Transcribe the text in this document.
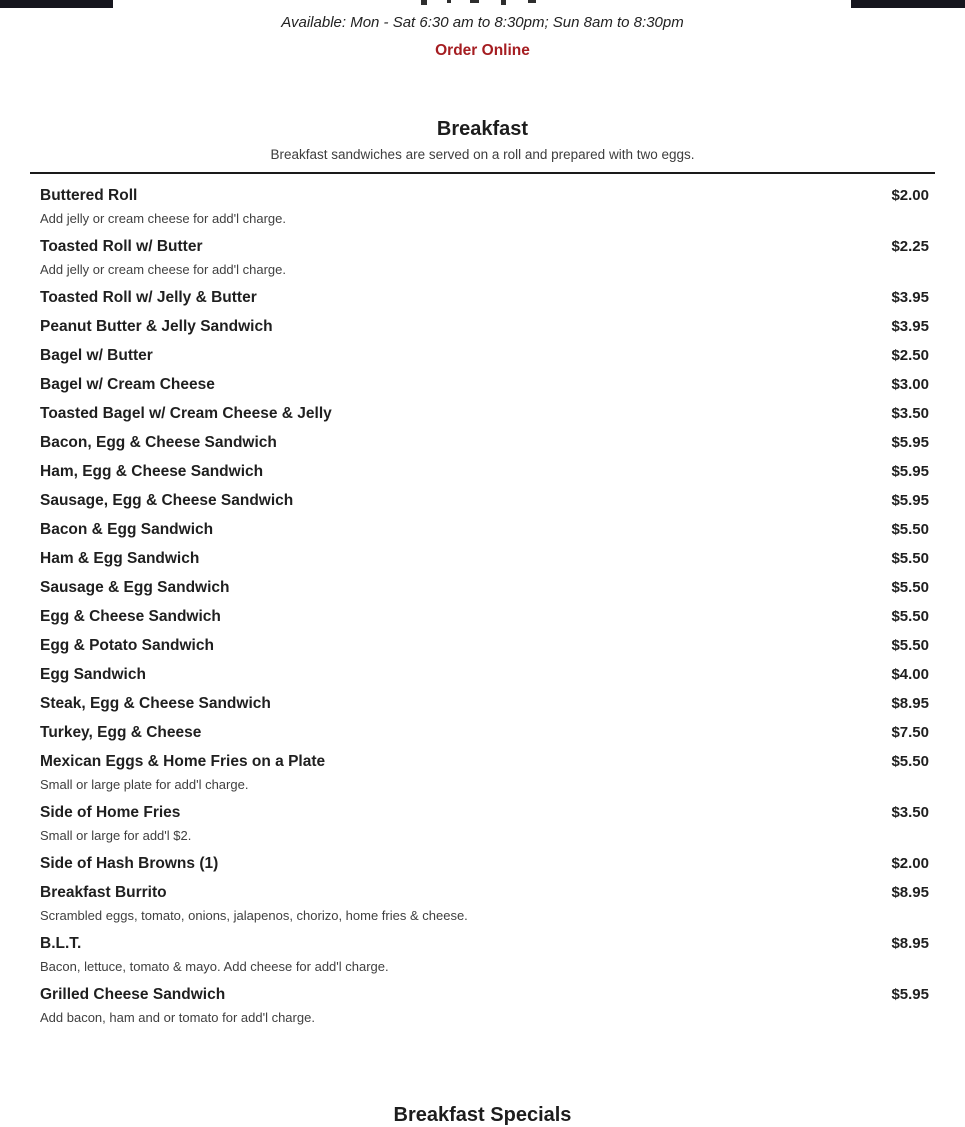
Available: Mon - Sat 6:30 am to 8:30pm; Sun 8am to 8:30pm
Order Online
Breakfast
Breakfast sandwiches are served on a roll and prepared with two eggs.
Buttered Roll	$2.00
Add jelly or cream cheese for add'l charge.
Toasted Roll w/ Butter	$2.25
Add jelly or cream cheese for add'l charge.
Toasted Roll w/ Jelly & Butter	$3.95
Peanut Butter & Jelly Sandwich	$3.95
Bagel w/ Butter	$2.50
Bagel w/ Cream Cheese	$3.00
Toasted Bagel w/ Cream Cheese & Jelly	$3.50
Bacon, Egg & Cheese Sandwich	$5.95
Ham, Egg & Cheese Sandwich	$5.95
Sausage, Egg & Cheese Sandwich	$5.95
Bacon & Egg Sandwich	$5.50
Ham & Egg Sandwich	$5.50
Sausage & Egg Sandwich	$5.50
Egg & Cheese Sandwich	$5.50
Egg & Potato Sandwich	$5.50
Egg Sandwich	$4.00
Steak, Egg & Cheese Sandwich	$8.95
Turkey, Egg & Cheese	$7.50
Mexican Eggs & Home Fries on a Plate	$5.50
Small or large plate for add'l charge.
Side of Home Fries	$3.50
Small or large for add'l $2.
Side of Hash Browns (1)	$2.00
Breakfast Burrito	$8.95
Scrambled eggs, tomato, onions, jalapenos, chorizo, home fries & cheese.
B.L.T.	$8.95
Bacon, lettuce, tomato & mayo. Add cheese for add'l charge.
Grilled Cheese Sandwich	$5.95
Add bacon, ham and or tomato for add'l charge.
Breakfast Specials
